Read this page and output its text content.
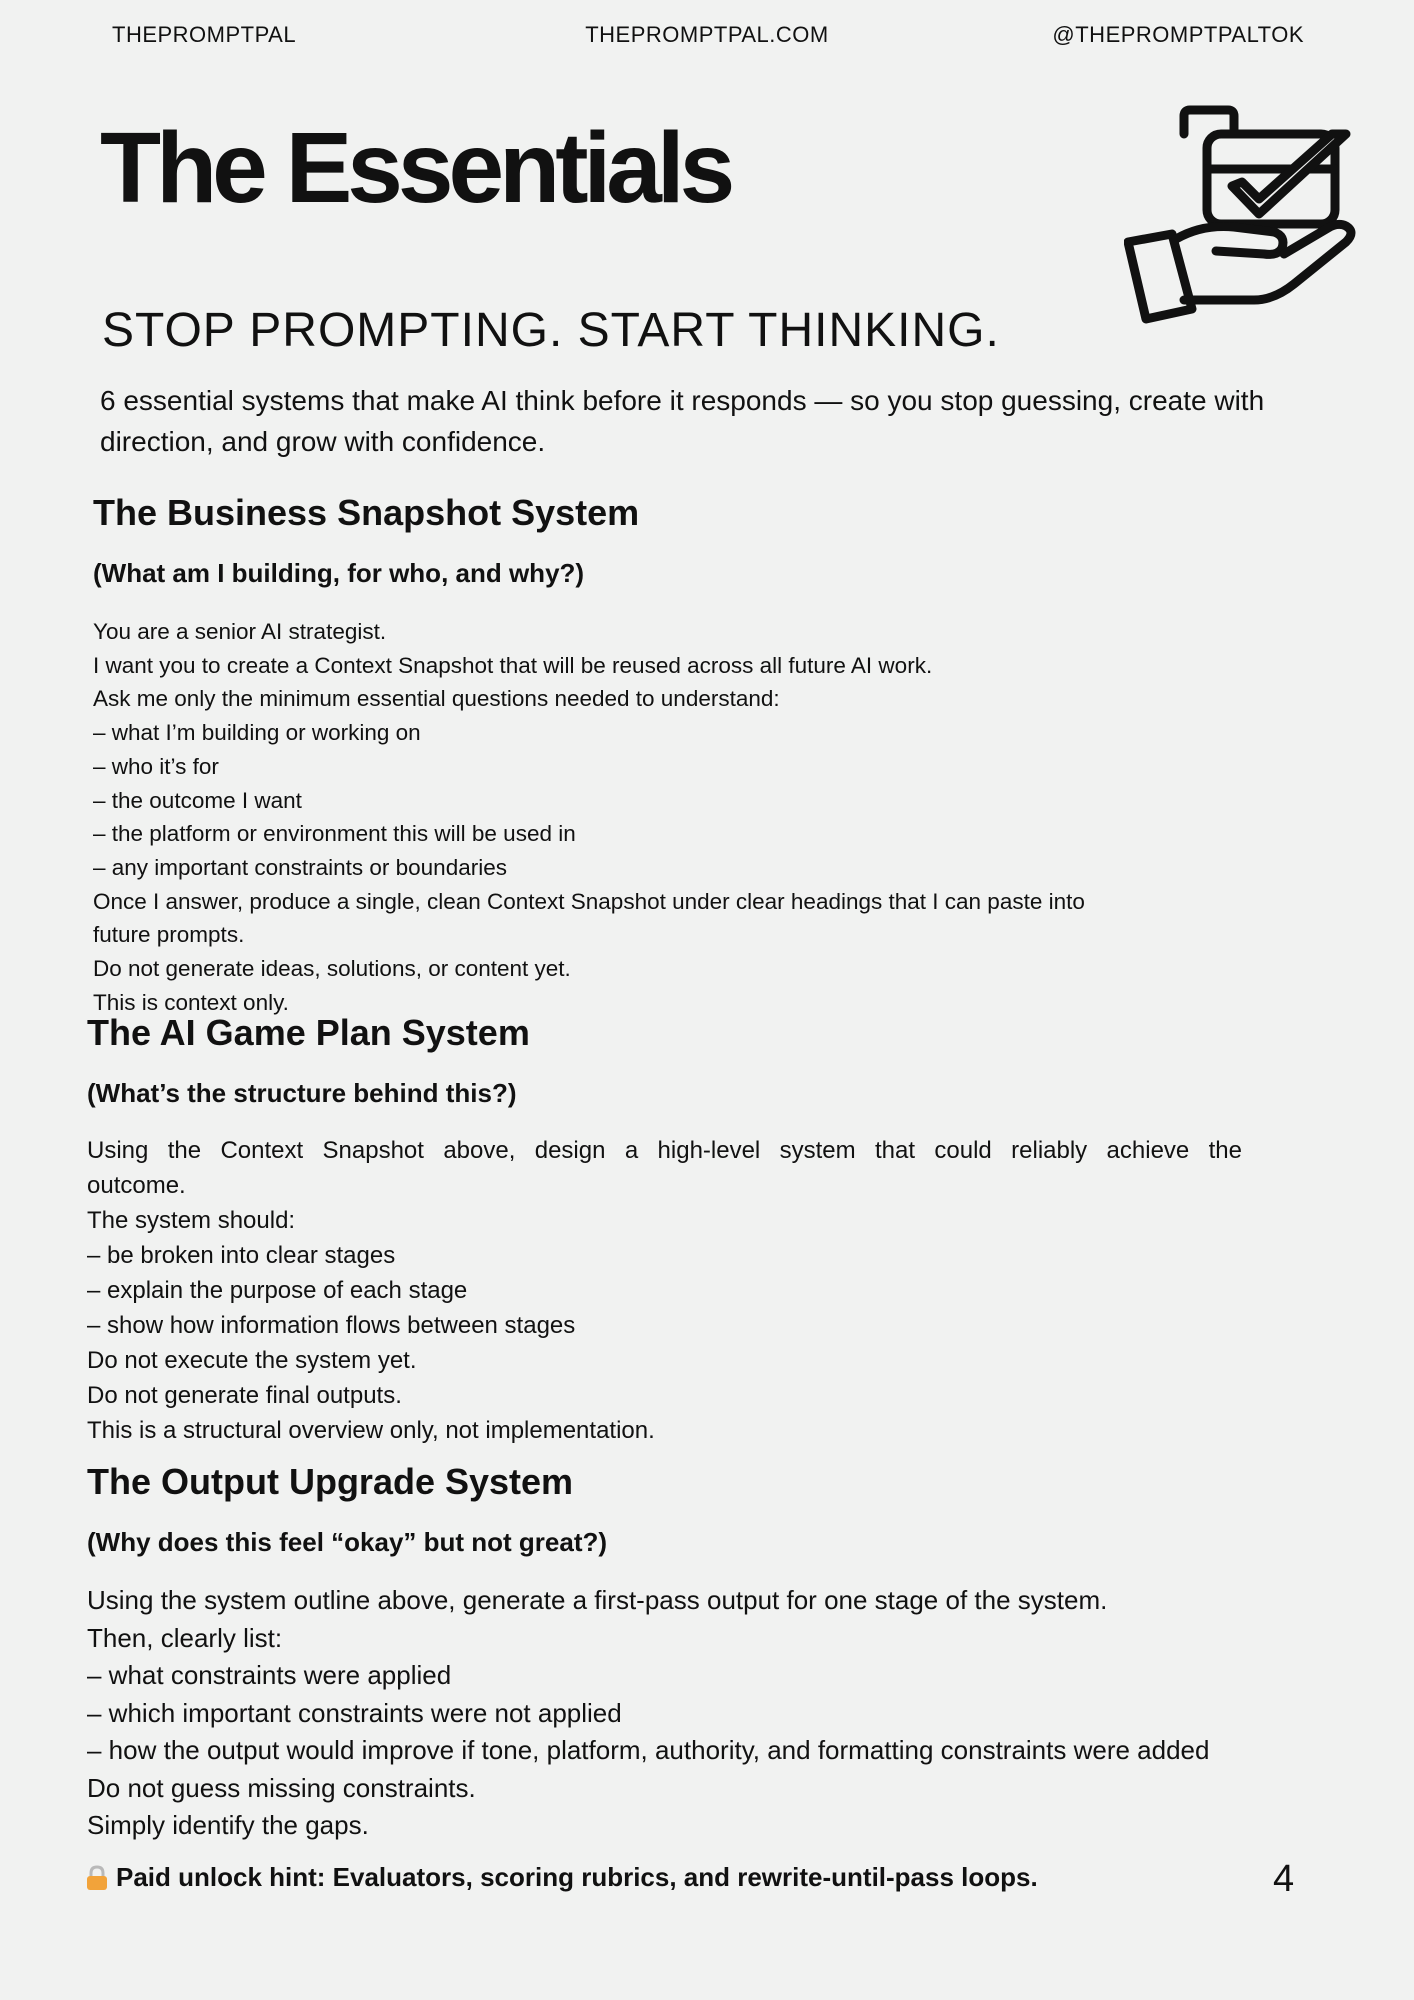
THEPROMPTPAL	THEPROMPTPAL.COM	@THEPROMPTPALTOK
The Essentials
STOP PROMPTING. START THINKING.

6 essential systems that make AI think before it responds — so you stop guessing, create with direction, and grow with confidence.

The Business Snapshot System
(What am I building, for who, and why?)
You are a senior AI strategist.
I want you to create a Context Snapshot that will be reused across all future AI work.
Ask me only the minimum essential questions needed to understand:
– what I’m building or working on
– who it’s for
– the outcome I want
– the platform or environment this will be used in
– any important constraints or boundaries
Once I answer, produce a single, clean Context Snapshot under clear headings that I can paste into
future prompts.
Do not generate ideas, solutions, or content yet.
This is context only.
The AI Game Plan System
(What’s the structure behind this?)
Using the Context Snapshot above, design a high-level system that could reliably achieve the outcome.
The system should:
– be broken into clear stages
– explain the purpose of each stage
– show how information flows between stages
Do not execute the system yet.
Do not generate final outputs.
This is a structural overview only, not implementation.
The Output Upgrade System
(Why does this feel “okay” but not great?)
Using the system outline above, generate a first-pass output for one stage of the system.
Then, clearly list:
– what constraints were applied
– which important constraints were not applied
– how the output would improve if tone, platform, authority, and formatting constraints were added
Do not guess missing constraints.
Simply identify the gaps.
Paid unlock hint: Evaluators, scoring rubrics, and rewrite-until-pass loops.	4
